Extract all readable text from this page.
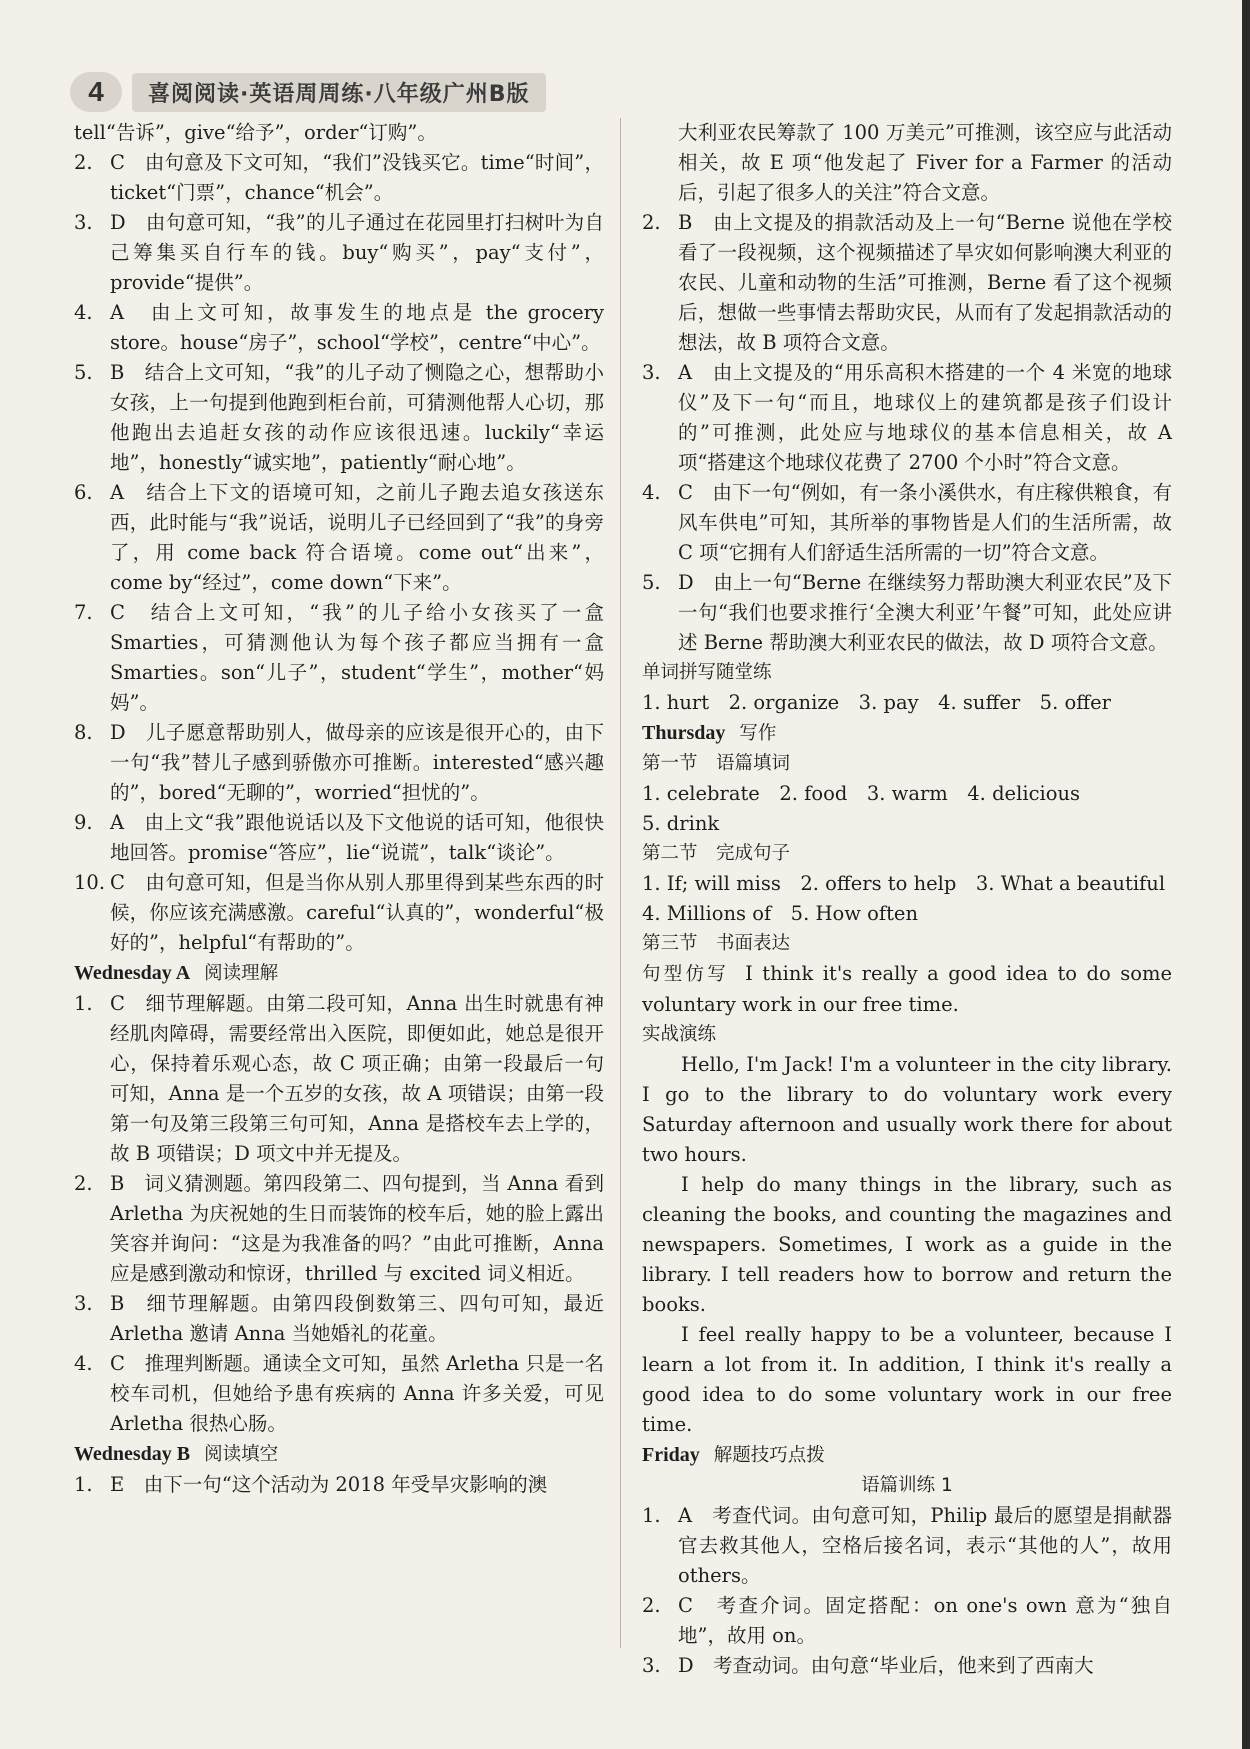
4	喜阅阅读·英语周周练·八年级广州B版

tell“告诉”，give“给予”，order“订购”。

2. C　由句意及下文可知，“我们”没钱买它。time“时间”，ticket“门票”，chance“机会”。
3. D　由句意可知，“我”的儿子通过在花园里打扫树叶为自己筹集买自行车的钱。buy“购买”，pay“支付”，provide“提供”。
4. A　由上文可知，故事发生的地点是 the grocery store。house“房子”，school“学校”，centre“中心”。
5. B　结合上文可知，“我”的儿子动了恻隐之心，想帮助小女孩，上一句提到他跑到柜台前，可猜测他帮人心切，那他跑出去追赶女孩的动作应该很迅速。luckily“幸运地”，honestly“诚实地”，patiently“耐心地”。
6. A　结合上下文的语境可知，之前儿子跑去追女孩送东西，此时能与“我”说话，说明儿子已经回到了“我”的身旁了，用 come back 符合语境。come out“出来”，come by“经过”，come down“下来”。
7. C　结合上文可知，“我”的儿子给小女孩买了一盒 Smarties，可猜测他认为每个孩子都应当拥有一盒 Smarties。son“儿子”，student“学生”，mother“妈妈”。
8. D　儿子愿意帮助别人，做母亲的应该是很开心的，由下一句“我”替儿子感到骄傲亦可推断。interested“感兴趣的”，bored“无聊的”，worried“担忧的”。
9. A　由上文“我”跟他说话以及下文他说的话可知，他很快地回答。promise“答应”，lie“说谎”，talk“谈论”。
10. C　由句意可知，但是当你从别人那里得到某些东西的时候，你应该充满感激。careful“认真的”，wonderful“极好的”，helpful“有帮助的”。

Wednesday A 阅读理解

1. C　细节理解题。由第二段可知，Anna 出生时就患有神经肌肉障碍，需要经常出入医院，即便如此，她总是很开心，保持着乐观心态，故 C 项正确；由第一段最后一句可知，Anna 是一个五岁的女孩，故 A 项错误；由第一段第一句及第三段第三句可知，Anna 是搭校车去上学的，故 B 项错误；D 项文中并无提及。
2. B　词义猜测题。第四段第二、四句提到，当 Anna 看到 Arletha 为庆祝她的生日而装饰的校车后，她的脸上露出笑容并询问：“这是为我准备的吗？”由此可推断，Anna 应是感到激动和惊讶，thrilled 与 excited 词义相近。
3. B　细节理解题。由第四段倒数第三、四句可知，最近 Arletha 邀请 Anna 当她婚礼的花童。
4. C　推理判断题。通读全文可知，虽然 Arletha 只是一名校车司机，但她给予患有疾病的 Anna 许多关爱，可见 Arletha 很热心肠。

Wednesday B 阅读填空

1. E　由下一句“这个活动为 2018 年受旱灾影响的澳

大利亚农民筹款了 100 万美元”可推测，该空应与此活动相关，故 E 项“他发起了 Fiver for a Farmer 的活动后，引起了很多人的关注”符合文意。

2. B　由上文提及的捐款活动及上一句“Berne 说他在学校看了一段视频，这个视频描述了旱灾如何影响澳大利亚的农民、儿童和动物的生活”可推测，Berne 看了这个视频后，想做一些事情去帮助灾民，从而有了发起捐款活动的想法，故 B 项符合文意。
3. A　由上文提及的“用乐高积木搭建的一个 4 米宽的地球仪”及下一句“而且，地球仪上的建筑都是孩子们设计的”可推测，此处应与地球仪的基本信息相关，故 A 项“搭建这个地球仪花费了 2700 个小时”符合文意。
4. C　由下一句“例如，有一条小溪供水，有庄稼供粮食，有风车供电”可知，其所举的事物皆是人们的生活所需，故 C 项“它拥有人们舒适生活所需的一切”符合文意。
5. D　由上一句“Berne 在继续努力帮助澳大利亚农民”及下一句“我们也要求推行‘全澳大利亚’午餐”可知，此处应讲述 Berne 帮助澳大利亚农民的做法，故 D 项符合文意。

单词拼写随堂练

1. hurt　2. organize　3. pay　4. suffer　5. offer

Thursday 写作

第一节　语篇填词

1. celebrate　2. food　3. warm　4. delicious

5. drink

第二节　完成句子

1. If; will miss　2. offers to help　3. What a beautiful

4. Millions of　5. How often

第三节　书面表达

句型仿写 I think it's really a good idea to do some voluntary work in our free time.

实战演练

Hello, I'm Jack! I'm a volunteer in the city library. I go to the library to do voluntary work every Saturday afternoon and usually work there for about two hours.

I help do many things in the library, such as cleaning the books, and counting the magazines and newspapers. Sometimes, I work as a guide in the library. I tell readers how to borrow and return the books.

I feel really happy to be a volunteer, because I learn a lot from it. In addition, I think it's really a good idea to do some voluntary work in our free time.

Friday 解题技巧点拨

语篇训练 1

1. A　考查代词。由句意可知，Philip 最后的愿望是捐献器官去救其他人，空格后接名词，表示“其他的人”，故用 others。
2. C　考查介词。固定搭配：on one's own 意为“独自地”，故用 on。
3. D　考查动词。由句意“毕业后，他来到了西南大
